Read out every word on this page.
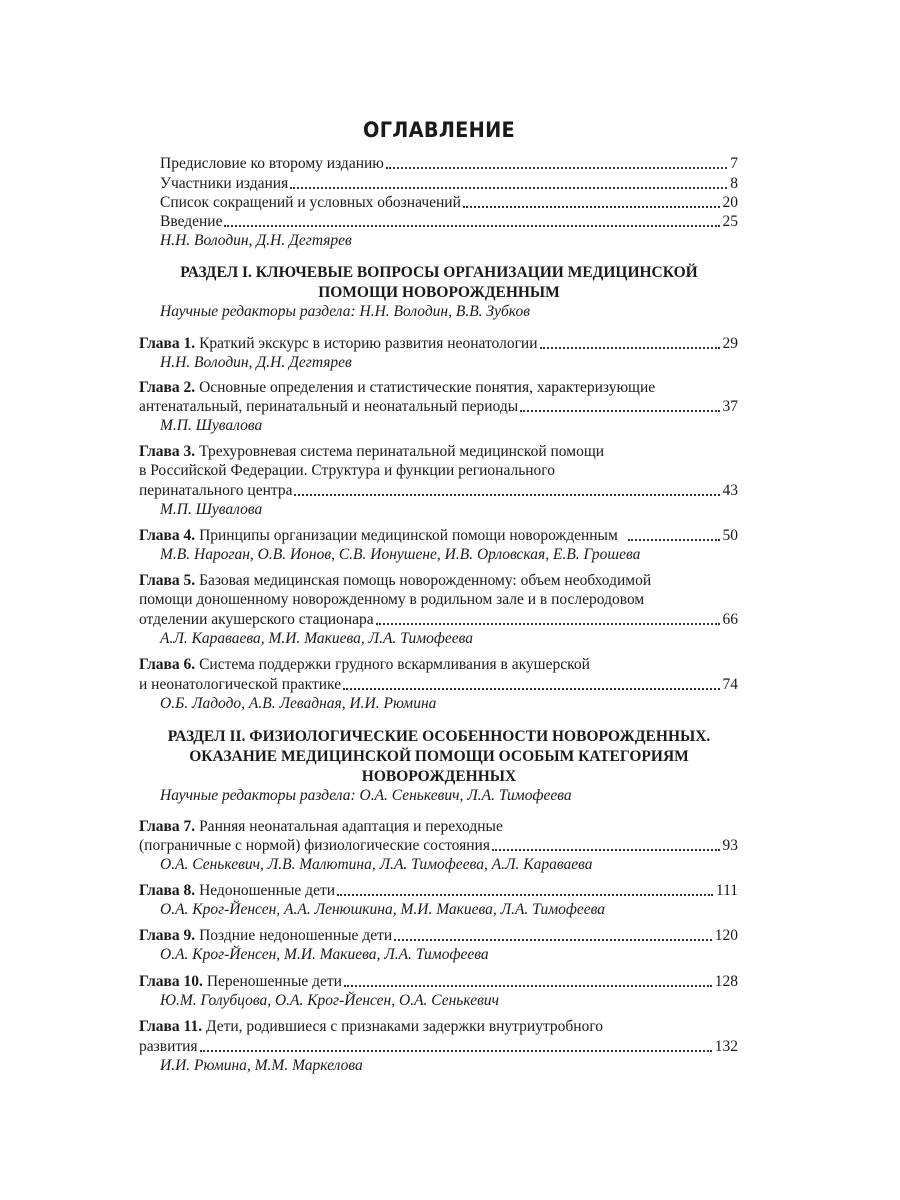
ОГЛАВЛЕНИЕ
Предисловие ко второму изданию	7
Участники издания	8
Список сокращений и условных обозначений	20
Введение	25
Н.Н. Володин, Д.Н. Дегтярев
РАЗДЕЛ I. КЛЮЧЕВЫЕ ВОПРОСЫ ОРГАНИЗАЦИИ МЕДИЦИНСКОЙ
ПОМОЩИ НОВОРОЖДЕННЫМ
Научные редакторы раздела: Н.Н. Володин, В.В. Зубков
Глава 1. Краткий экскурс в историю развития неонатологии	29
Н.Н. Володин, Д.Н. Дегтярев
Глава 2. Основные определения и статистические понятия, характеризующие
антенатальный, перинатальный и неонатальный периоды	37
М.П. Шувалова
Глава 3. Трехуровневая система перинатальной медицинской помощи
в Российской Федерации. Структура и функции регионального
перинатального центра	43
М.П. Шувалова
Глава 4. Принципы организации медицинской помощи новорожденным	50
М.В. Нароган, О.В. Ионов, С.В. Ионушене, И.В. Орловская, Е.В. Грошева
Глава 5. Базовая медицинская помощь новорожденному: объем необходимой
помощи доношенному новорожденному в родильном зале и в послеродовом
отделении акушерского стационара	66
А.Л. Караваева, М.И. Макиева, Л.А. Тимофеева
Глава 6. Система поддержки грудного вскармливания в акушерской
и неонатологической практике	74
О.Б. Ладодо, А.В. Левадная, И.И. Рюмина
РАЗДЕЛ II. ФИЗИОЛОГИЧЕСКИЕ ОСОБЕННОСТИ НОВОРОЖДЕННЫХ.
ОКАЗАНИЕ МЕДИЦИНСКОЙ ПОМОЩИ ОСОБЫМ КАТЕГОРИЯМ
НОВОРОЖДЕННЫХ
Научные редакторы раздела: О.А. Сенькевич, Л.А. Тимофеева
Глава 7. Ранняя неонатальная адаптация и переходные
(пограничные с нормой) физиологические состояния	93
О.А. Сенькевич, Л.В. Малютина, Л.А. Тимофеева, А.Л. Караваева
Глава 8. Недоношенные дети	111
О.А. Крог-Йенсен, А.А. Ленюшкина, М.И. Макиева, Л.А. Тимофеева
Глава 9. Поздние недоношенные дети	120
О.А. Крог-Йенсен, М.И. Макиева, Л.А. Тимофеева
Глава 10. Переношенные дети	128
Ю.М. Голубцова, О.А. Крог-Йенсен, О.А. Сенькевич
Глава 11. Дети, родившиеся с признаками задержки внутриутробного
развития	132
И.И. Рюмина, М.М. Маркелова
